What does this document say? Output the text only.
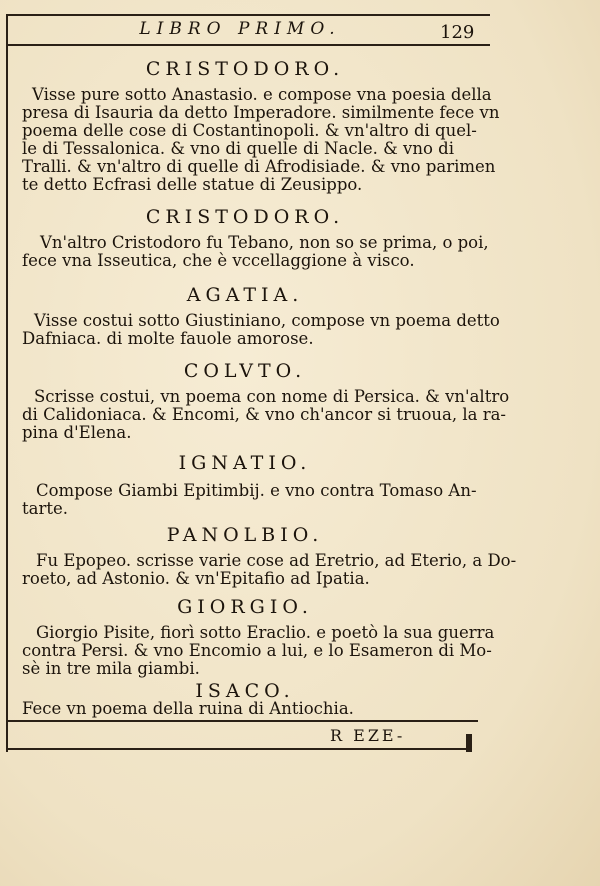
LIBRO PRIMO.	129
CRISTODORO.
Visse pure sotto Anastasio. e compose vna poesia della
presa di Isauria da detto Imperadore. similmente fece vn
poema delle cose di Costantinopoli. & vn'altro di quel-
le di Tessalonica. & vno di quelle di Nacle. & vno di
Tralli. & vn'altro di quelle di Afrodisiade. & vno parimen
te detto Ecfrasi delle statue di Zeusippo.
CRISTODORO.
Vn'altro Cristodoro fu Tebano, non so se prima, o poi,
fece vna Isseutica, che è vccellaggione à visco.
AGATIA.
Visse costui sotto Giustiniano, compose vn poema detto
Dafniaca. di molte fauole amorose.
COLVTO.
Scrisse costui, vn poema con nome di Persica. & vn'altro
di Calidoniaca. & Encomi, & vno ch'ancor si truoua, la ra-
pina d'Elena.
IGNATIO.
Compose Giambi Epitimbij. e vno contra Tomaso An-
tarte.
PANOLBIO.
Fu Epopeo. scrisse varie cose ad Eretrio, ad Eterio, a Do-
roeto, ad Astonio. & vn'Epitafio ad Ipatia.
GIORGIO.
Giorgio Pisite, fiorì sotto Eraclio. e poetò la sua guerra
contra Persi. & vno Encomio a lui, e lo Esameron di Mo-
sè in tre mila giambi.
ISACO.
Fece vn poema della ruina di Antiochia.
R EZE-
